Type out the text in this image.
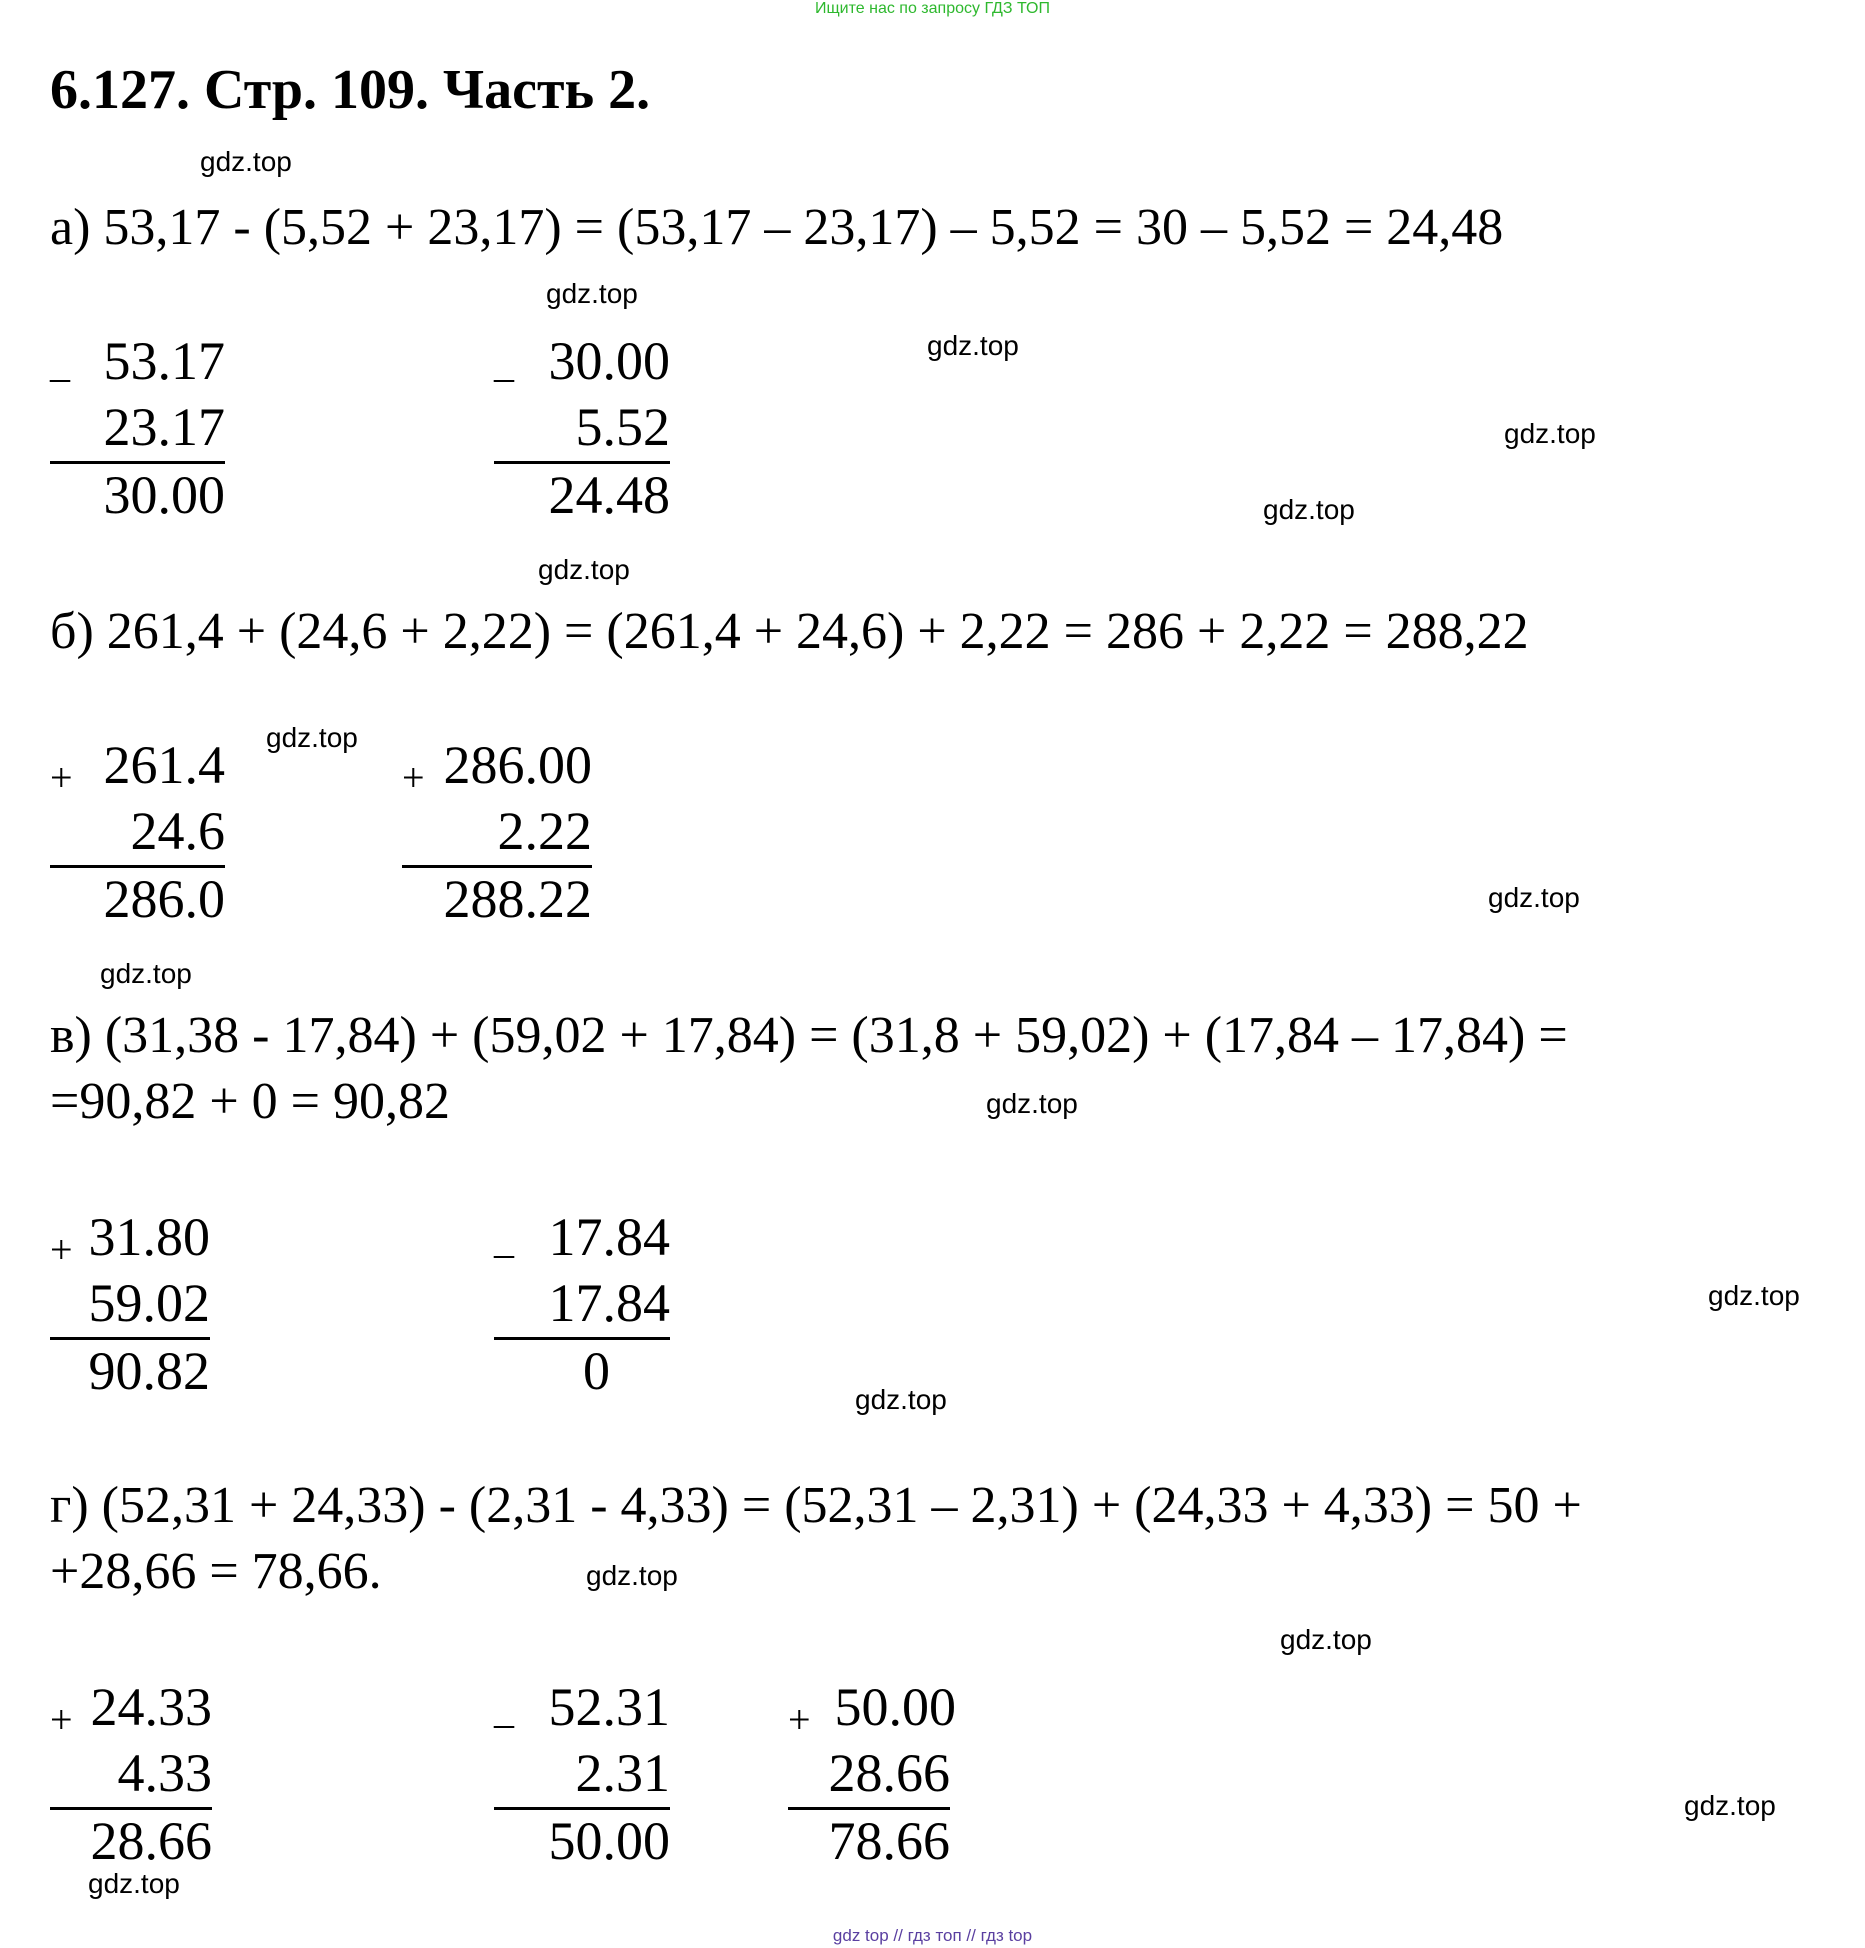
Ищите нас по запросу ГДЗ ТОП
6.127. Стр. 109. Часть 2.
а) 53,17 - (5,52 + 23,17) = (53,17 – 23,17) – 5,52 = 30 – 5,52 = 24,48
_ 53.17
23.17
30.00
_ 30.00
5.52
24.48
б) 261,4 + (24,6 + 2,22) = (261,4 + 24,6) + 2,22 = 286 + 2,22 = 288,22
+ 261.4
24.6
286.0
+ 286.00
2.22
288.22
в) (31,38 - 17,84) + (59,02 + 17,84) = (31,8 + 59,02) + (17,84 – 17,84) =
=90,82 + 0 = 90,82
+ 31.80
59.02
90.82
_ 17.84
17.84
0
г) (52,31 + 24,33) - (2,31 - 4,33) = (52,31 – 2,31) + (24,33 + 4,33) = 50 +
+28,66 = 78,66.
+ 24.33
4.33
28.66
_ 52.31
2.31
50.00
+ 50.00
28.66
78.66
gdz.top
gdz.top
gdz.top
gdz.top
gdz.top
gdz.top
gdz.top
gdz.top
gdz.top
gdz.top
gdz.top
gdz.top
gdz.top
gdz.top
gdz.top
gdz.top
gdz top // гдз топ // гдз top
